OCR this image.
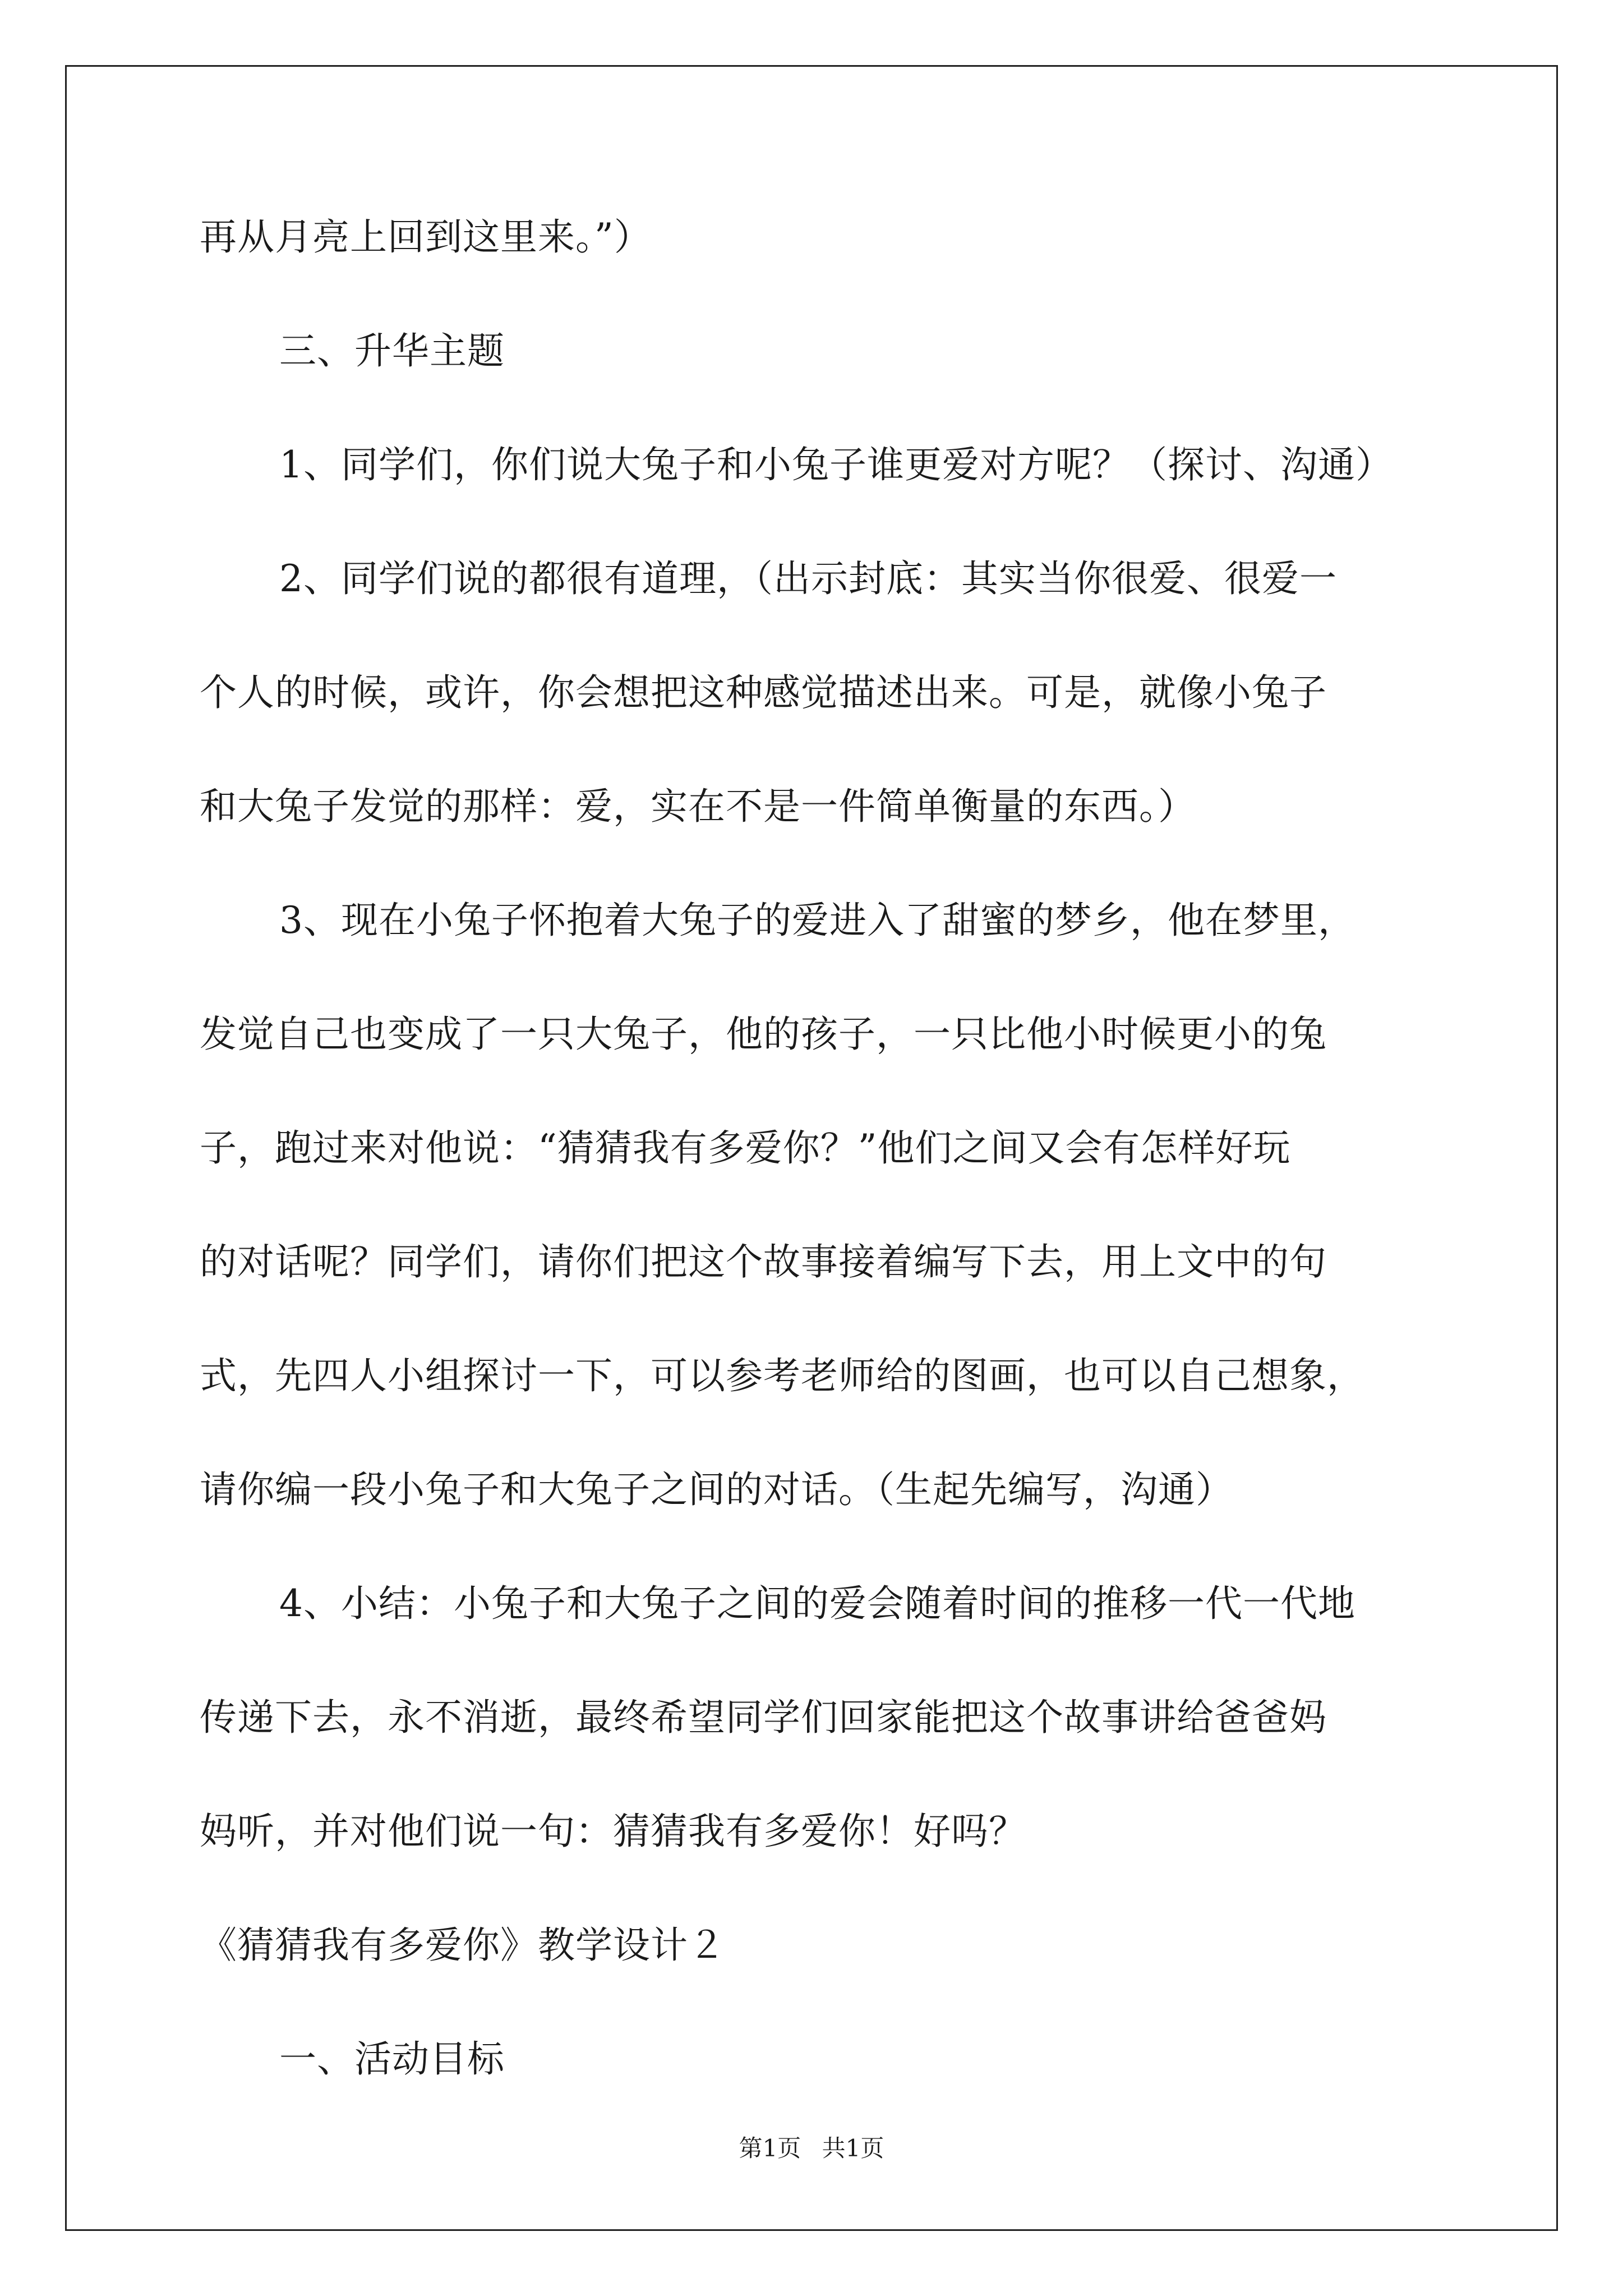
再从月亮上回到这里来。”）
三、升华主题
1、同学们，你们说大兔子和小兔子谁更爱对方呢？（探讨、沟通）
2、同学们说的都很有道理，（出示封底：其实当你很爱、很爱一
个人的时候，或许，你会想把这种感觉描述出来。可是，就像小兔子
和大兔子发觉的那样：爱，实在不是一件简单衡量的东西。）
3、现在小兔子怀抱着大兔子的爱进入了甜蜜的梦乡，他在梦里，
发觉自己也变成了一只大兔子，他的孩子，一只比他小时候更小的兔
子，跑过来对他说：“猜猜我有多爱你？”他们之间又会有怎样好玩
的对话呢？同学们，请你们把这个故事接着编写下去，用上文中的句
式，先四人小组探讨一下，可以参考老师给的图画，也可以自己想象，
请你编一段小兔子和大兔子之间的对话。（生起先编写，沟通）
4、小结：小兔子和大兔子之间的爱会随着时间的推移一代一代地
传递下去，永不消逝，最终希望同学们回家能把这个故事讲给爸爸妈
妈听，并对他们说一句：猜猜我有多爱你！好吗？
《猜猜我有多爱你》教学设计２
一、活动目标
第1页 共1页
